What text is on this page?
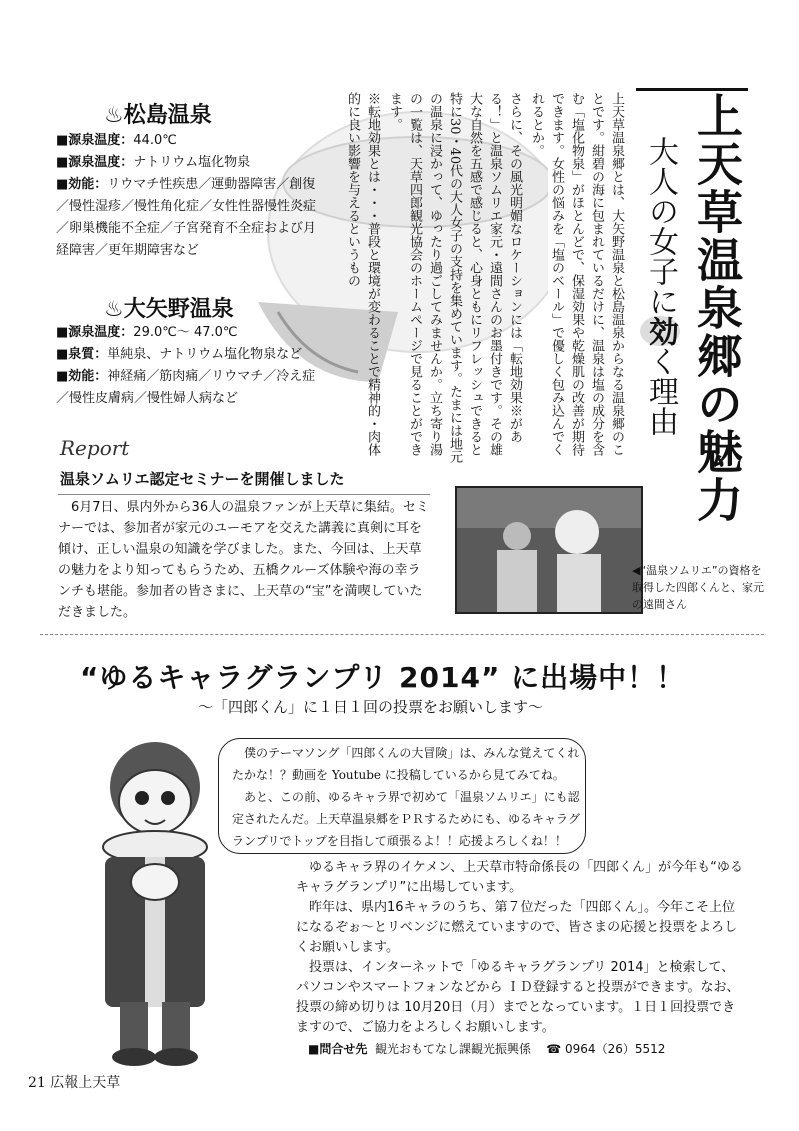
上天草温泉郷の魅力
大人の女子に効く理由

上天草温泉郷とは、大矢野温泉と松島温泉からなる温泉郷のことです。紺碧の海に包まれているだけに、温泉は塩の成分を含む「塩化物泉」がほとんどで、保湿効果や乾燥肌の改善が期待できます。女性の悩みを「塩のベール」で優しく包み込んでくれるとか。

さらに、その風光明媚なロケーションには「転地効果※がある！」と温泉ソムリエ家元・遠間さんのお墨付きです。その雄大な自然を五感で感じると、心身ともにリフレッシュできると特に30・40代の大人女子の支持を集めています。たまには地元の温泉に浸かって、ゆったり過ごしてみませんか。立ち寄り湯の一覧は、天草四郎観光協会のホームページで見ることができます。

※転地効果とは・・・普段と環境が変わることで精神的・肉体的に良い影響を与えるというもの

♨松島温泉
■源泉温度：44.0℃
■源泉温度：ナトリウム塩化物泉
■効能：リウマチ性疾患／運動器障害／創復／慢性湿疹／慢性角化症／女性性器慢性炎症／卵巣機能不全症／子宮発育不全症および月経障害／更年期障害など
♨大矢野温泉
■源泉温度：29.0℃〜 47.0℃
■泉質：単純泉、ナトリウム塩化物泉など
■効能：神経痛／筋肉痛／リウマチ／冷え症／慢性皮膚病／慢性婦人病など
Report
温泉ソムリエ認定セミナーを開催しました
　6月7日、県内外から36人の温泉ファンが上天草に集結。セミナーでは、参加者が家元のユーモアを交えた講義に真剣に耳を傾け、正しい温泉の知識を学びました。また、今回は、上天草の魅力をより知ってもらうため、五橋クルーズ体験や海の幸ランチも堪能。参加者の皆さまに、上天草の“宝”を満喫していただきました。
◀“温泉ソムリエ”の資格を取得した四郎くんと、家元の遠間さん
“ゆるキャラグランプリ 2014” に出場中！！
〜「四郎くん」に１日１回の投票をお願いします〜

　僕のテーマソング「四郎くんの大冒険」は、みんな覚えてくれたかな！？動画を Youtube に投稿しているから見てみてね。

　あと、この前、ゆるキャラ界で初めて「温泉ソムリエ」にも認定されたんだ。上天草温泉郷をＰＲするためにも、ゆるキャラグランプリでトップを目指して頑張るよ！！応援よろしくね！！

　ゆるキャラ界のイケメン、上天草市特命係長の「四郎くん」が今年も“ゆるキャラグランプリ”に出場しています。

　昨年は、県内16キャラのうち、第７位だった「四郎くん」。今年こそ上位になるぞぉ〜とリベンジに燃えていますので、皆さまの応援と投票をよろしくお願いします。

　投票は、インターネットで「ゆるキャラグランプリ 2014」と検索して、パソコンやスマートフォンなどから ＩＤ登録すると投票ができます。なお、投票の締め切りは 10月20日（月）までとなっています。１日１回投票できますので、ご協力をよろしくお願いします。

■問合せ先 観光おもてなし課観光振興係 ☎ 0964（26）5512
21 広報上天草
